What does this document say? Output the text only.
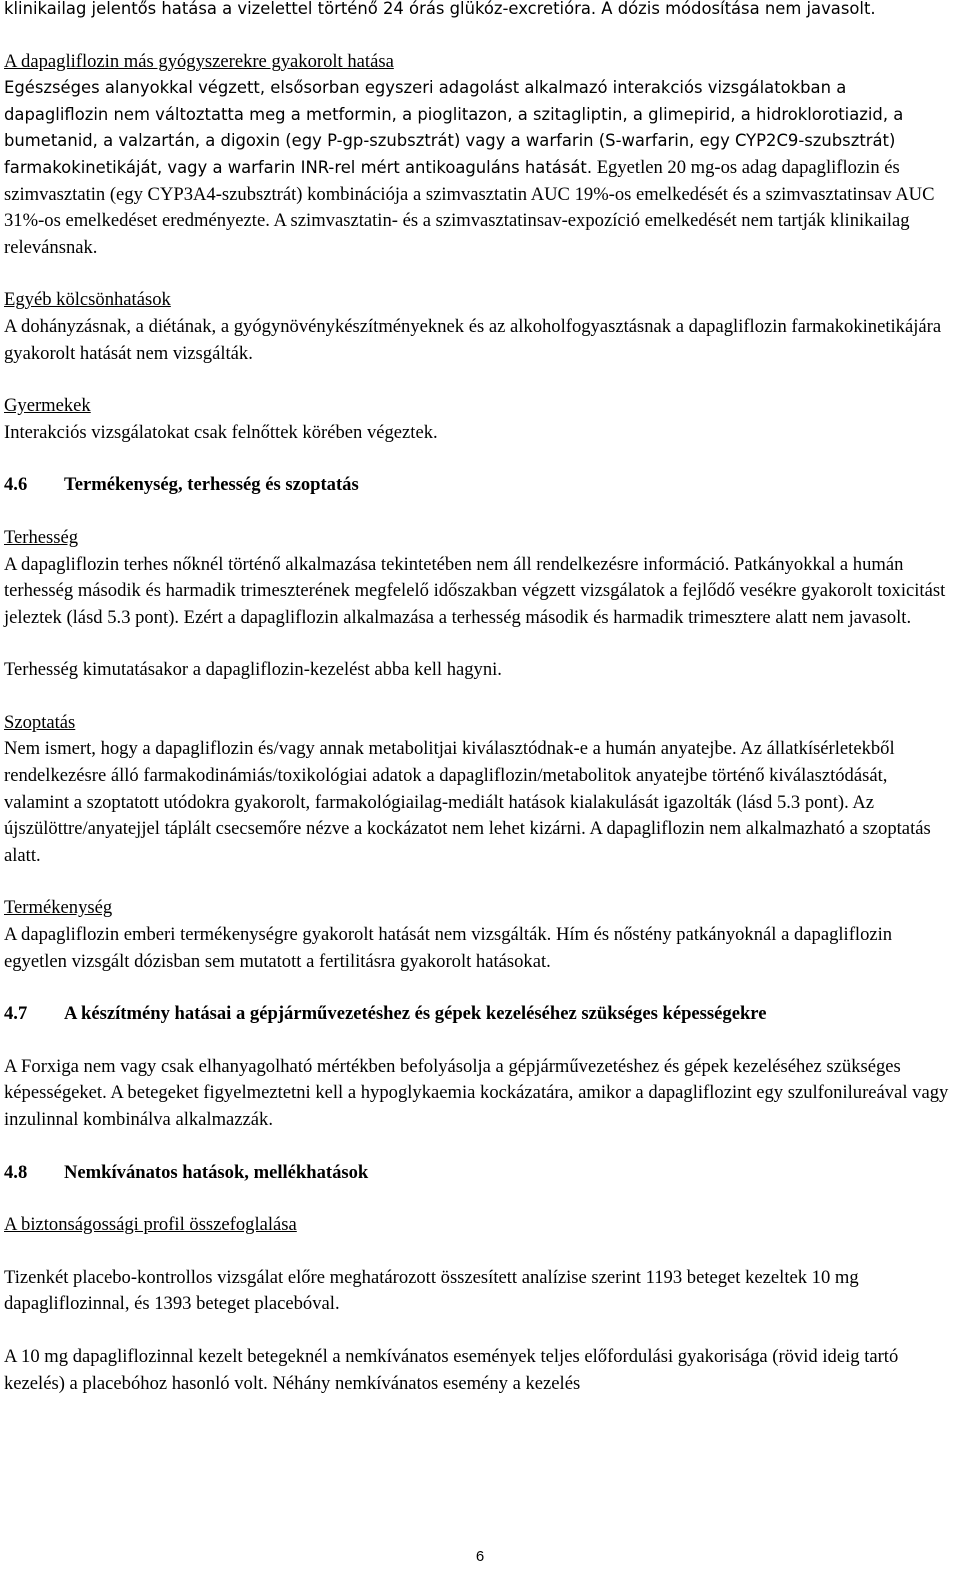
klinikailag jelentős hatása a vizelettel történő 24 órás glükóz-excretióra. A dózis módosítása nem javasolt.

A dapagliflozin más gyógyszerekre gyakorolt hatása

Egészséges alanyokkal végzett, elsősorban egyszeri adagolást alkalmazó interakciós vizsgálatokban a dapagliflozin nem változtatta meg a metformin, a pioglitazon, a szitagliptin, a glimepirid, a hidroklorotiazid, a bumetanid, a valzartán, a digoxin (egy P-gp-szubsztrát) vagy a warfarin (S-warfarin, egy CYP2C9-szubsztrát) farmakokinetikáját, vagy a warfarin INR-rel mért antikoaguláns hatását. Egyetlen 20 mg-os adag dapagliflozin és szimvasztatin (egy CYP3A4-szubsztrát) kombinációja a szimvasztatin AUC 19%-os emelkedését és a szimvasztatinsav AUC 31%-os emelkedéset eredményezte. A szimvasztatin- és a szimvasztatinsav-expozíció emelkedését nem tartják klinikailag relevánsnak.

Egyéb kölcsönhatások

A dohányzásnak, a diétának, a gyógynövénykészítményeknek és az alkoholfogyasztásnak a dapagliflozin farmakokinetikájára gyakorolt hatását nem vizsgálták.

Gyermekek

Interakciós vizsgálatokat csak felnőttek körében végeztek.

4.6	Termékenység, terhesség és szoptatás

Terhesség

A dapagliflozin terhes nőknél történő alkalmazása tekintetében nem áll rendelkezésre információ. Patkányokkal a humán terhesség második és harmadik trimeszterének megfelelő időszakban végzett vizsgálatok a fejlődő vesékre gyakorolt toxicitást jeleztek (lásd 5.3 pont). Ezért a dapagliflozin alkalmazása a terhesség második és harmadik trimesztere alatt nem javasolt.

Terhesség kimutatásakor a dapagliflozin-kezelést abba kell hagyni.

Szoptatás

Nem ismert, hogy a dapagliflozin és/vagy annak metabolitjai kiválasztódnak-e a humán anyatejbe. Az állatkísérletekből rendelkezésre álló farmakodinámiás/toxikológiai adatok a dapagliflozin/metabolitok anyatejbe történő kiválasztódását, valamint a szoptatott utódokra gyakorolt, farmakológiailag-mediált hatások kialakulását igazolták (lásd 5.3 pont). Az újszülöttre/anyatejjel táplált csecsemőre nézve a kockázatot nem lehet kizárni. A dapagliflozin nem alkalmazható a szoptatás alatt.

Termékenység

A dapagliflozin emberi termékenységre gyakorolt hatását nem vizsgálták. Hím és nőstény patkányoknál a dapagliflozin egyetlen vizsgált dózisban sem mutatott a fertilitásra gyakorolt hatásokat.

4.7	A készítmény hatásai a gépjárművezetéshez és gépek kezeléséhez szükséges képességekre

A Forxiga nem vagy csak elhanyagolható mértékben befolyásolja a gépjárművezetéshez és gépek kezeléséhez szükséges képességeket. A betegeket figyelmeztetni kell a hypoglykaemia kockázatára, amikor a dapagliflozint egy szulfonilureával vagy inzulinnal kombinálva alkalmazzák.

4.8	Nemkívánatos hatások, mellékhatások

A biztonságossági profil összefoglalása

Tizenkét placebo-kontrollos vizsgálat előre meghatározott összesített analízise szerint 1193 beteget kezeltek 10 mg dapagliflozinnal, és 1393 beteget placebóval.

A 10 mg dapagliflozinnal kezelt betegeknél a nemkívánatos események teljes előfordulási gyakorisága (rövid ideig tartó kezelés) a placebóhoz hasonló volt. Néhány nemkívánatos esemény a kezelés

6
